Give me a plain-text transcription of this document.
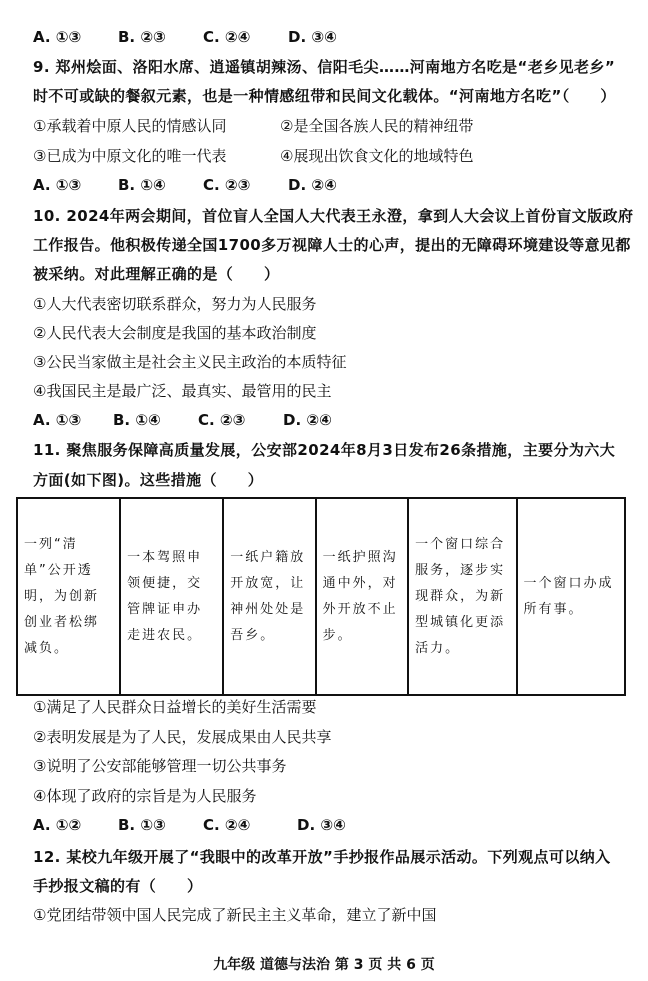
A. ①③ B. ②③ C. ②④	D. ③④
9. 郑州烩面、洛阳水席、逍遥镇胡辣汤、信阳毛尖……河南地方名吃是“老乡见老乡”
时不可或缺的餐叙元素，也是一种情感纽带和民间文化载体。“河南地方名吃”（　　）
①承载着中原人民的情感认同	②是全国各族人民的精神纽带
③已成为中原文化的唯一代表	④展现出饮食文化的地域特色
A. ①③ B. ①④ C. ②③	D. ②④
10. 2024年两会期间，首位盲人全国人大代表王永澄，拿到人大会议上首份盲文版政府
工作报告。他积极传递全国1700多万视障人士的心声，提出的无障碍环境建设等意见都
被采纳。对此理解正确的是（　　）
①人大代表密切联系群众，努力为人民服务
②人民代表大会制度是我国的基本政治制度
③公民当家做主是社会主义民主政治的本质特征
④我国民主是最广泛、最真实、最管用的民主
A. ①③ B. ①④ C. ②③	D. ②④
11. 聚焦服务保障高质量发展，公安部2024年8月3日发布26条措施，主要分为六大
方面(如下图)。这些措施（　　）
一列“清单”公开透明，为创新创业者松绑减负。	一本驾照申领便捷，交管牌证申办走进农民。	一纸户籍放开放宽，让神州处处是吾乡。	一纸护照沟通中外，对外开放不止步。	一个窗口综合服务，逐步实现群众，为新型城镇化更添活力。	一个窗口办成所有事。
①满足了人民群众日益增长的美好生活需要
②表明发展是为了人民，发展成果由人民共享
③说明了公安部能够管理一切公共事务
④体现了政府的宗旨是为人民服务
A. ①② B. ①③ C. ②④	D. ③④
12. 某校九年级开展了“我眼中的改革开放”手抄报作品展示活动。下列观点可以纳入
手抄报文稿的有（　　）
①党团结带领中国人民完成了新民主主义革命，建立了新中国
九年级 道德与法治 第 3 页 共 6 页
